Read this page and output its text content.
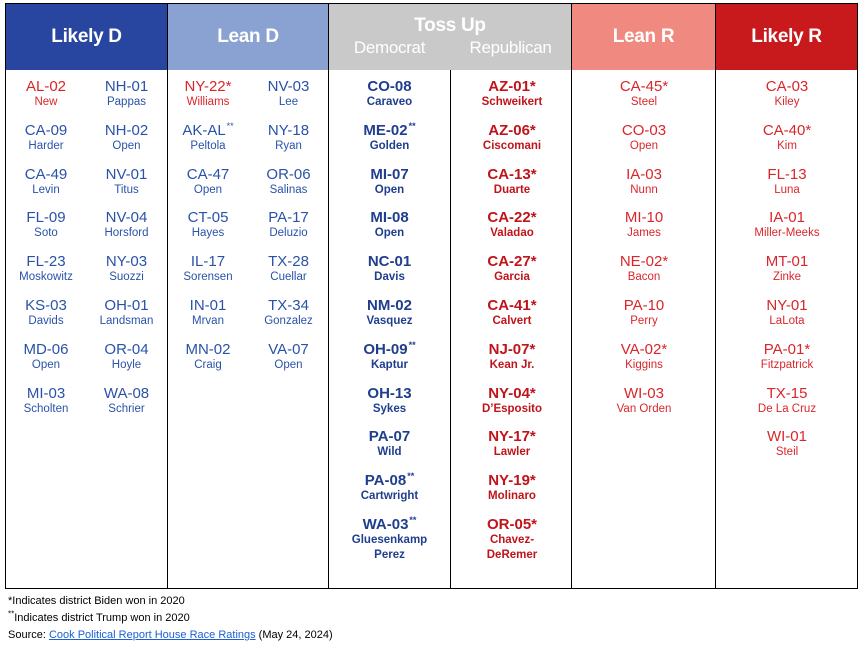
Likely D
AL-02
New
CA-09
Harder
CA-49
Levin
FL-09
Soto
FL-23
Moskowitz
KS-03
Davids
MD-06
Open
MI-03
Scholten
NH-01
Pappas
NH-02
Open
NV-01
Titus
NV-04
Horsford
NY-03
Suozzi
OH-01
Landsman
OR-04
Hoyle
WA-08
Schrier
Lean D
NY-22*
Williams
AK-AL**
Peltola
CA-47
Open
CT-05
Hayes
IL-17
Sorensen
IN-01
Mrvan
MN-02
Craig
NV-03
Lee
NY-18
Ryan
OR-06
Salinas
PA-17
Deluzio
TX-28
Cuellar
TX-34
Gonzalez
VA-07
Open
Toss Up
Democrat	Republican
CO-08
Caraveo
ME-02**
Golden
MI-07
Open
MI-08
Open
NC-01
Davis
NM-02
Vasquez
OH-09**
Kaptur
OH-13
Sykes
PA-07
Wild
PA-08**
Cartwright
WA-03**
Gluesenkamp
Perez
AZ-01*
Schweikert
AZ-06*
Ciscomani
CA-13*
Duarte
CA-22*
Valadao
CA-27*
Garcia
CA-41*
Calvert
NJ-07*
Kean Jr.
NY-04*
D’Esposito
NY-17*
Lawler
NY-19*
Molinaro
OR-05*
Chavez-
DeRemer
Lean R
CA-45*
Steel
CO-03
Open
IA-03
Nunn
MI-10
James
NE-02*
Bacon
PA-10
Perry
VA-02*
Kiggins
WI-03
Van Orden
Likely R
CA-03
Kiley
CA-40*
Kim
FL-13
Luna
IA-01
Miller-Meeks
MT-01
Zinke
NY-01
LaLota
PA-01*
Fitzpatrick
TX-15
De La Cruz
WI-01
Steil
*Indicates district Biden won in 2020
**Indicates district Trump won in 2020
Source: Cook Political Report House Race Ratings (May 24, 2024)
